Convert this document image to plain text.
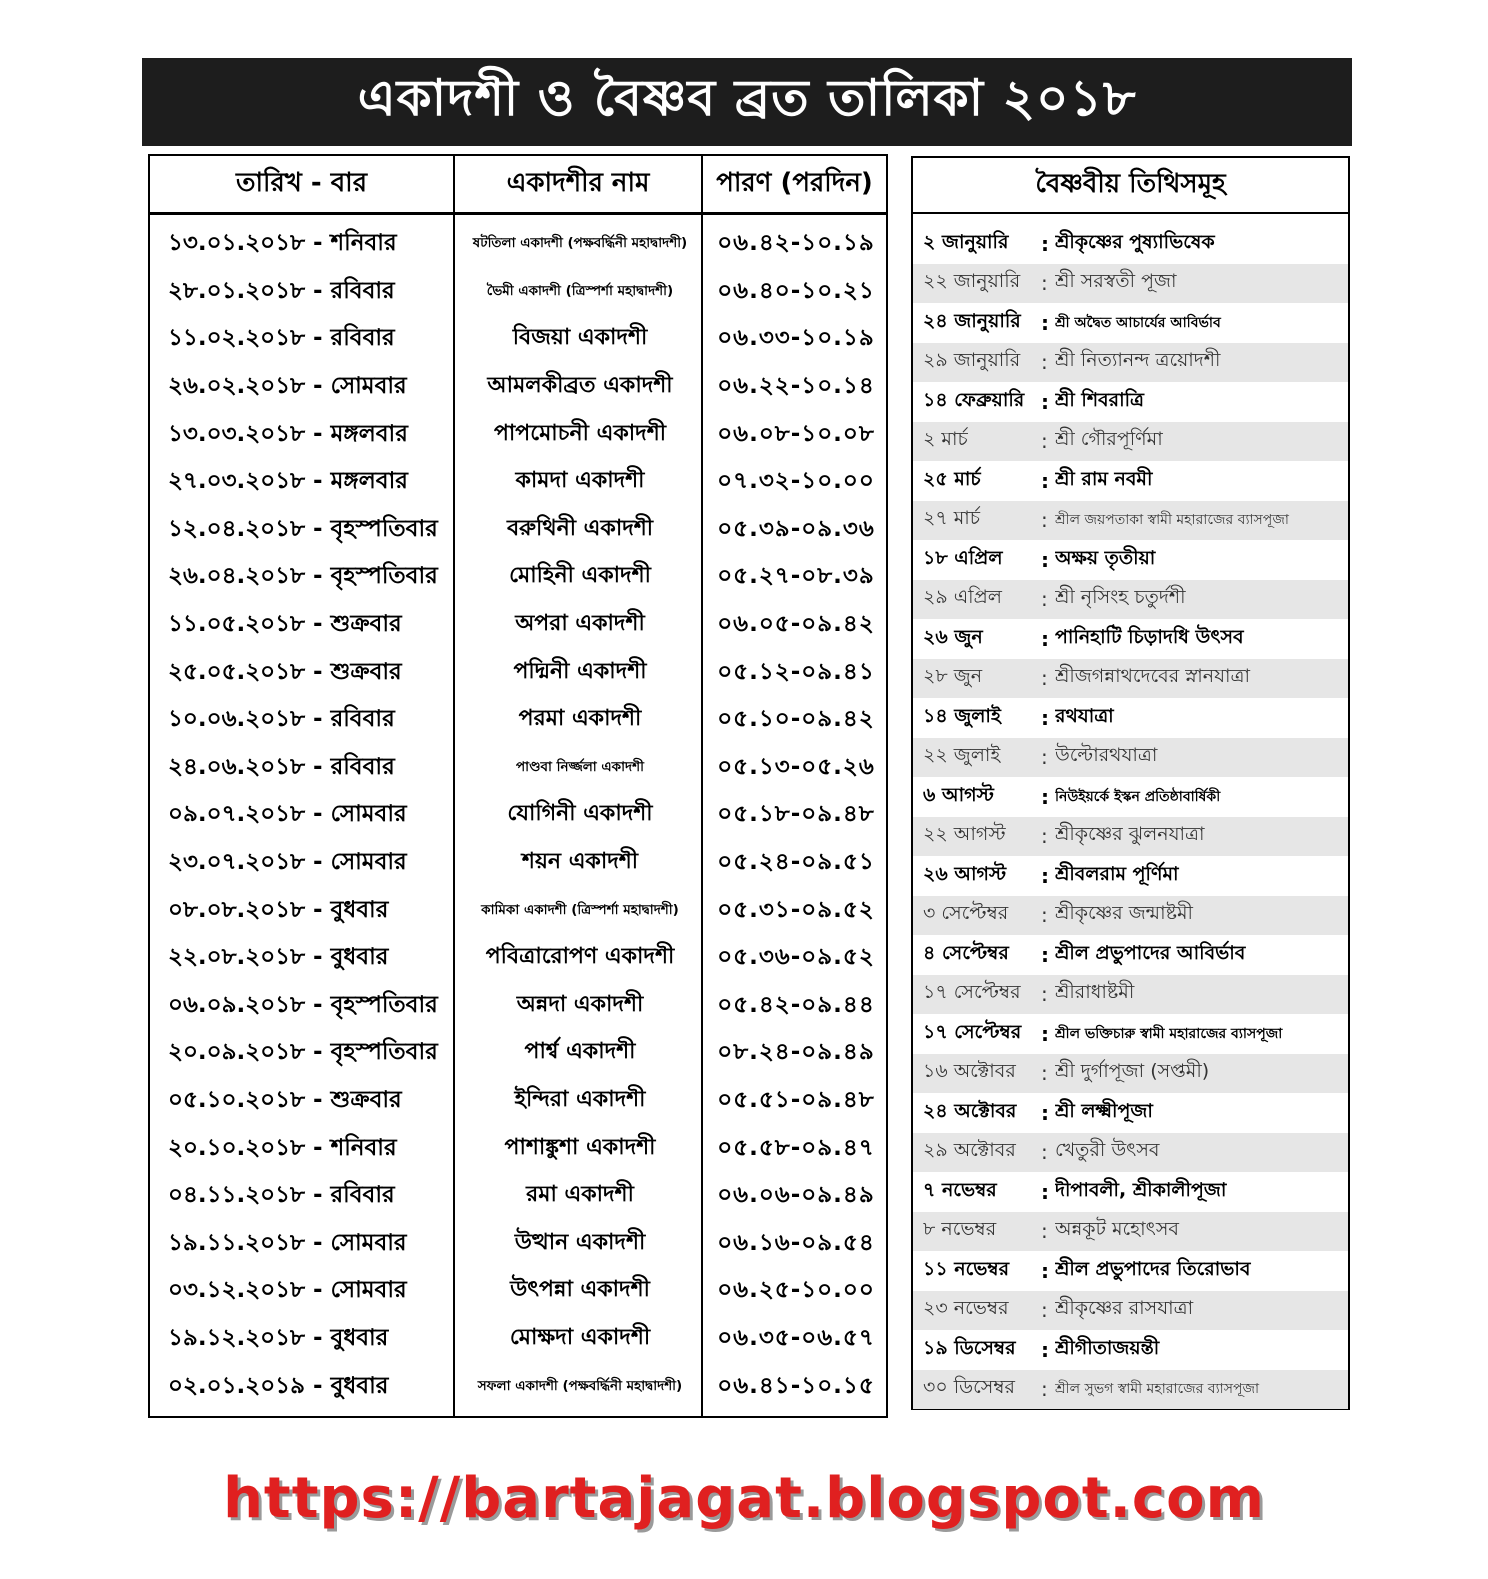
একাদশী ও বৈষ্ণব ব্রত তালিকা ২০১৮
তারিখ - বার	একাদশীর নাম	পারণ (পরদিন)
১৩.০১.২০১৮ - শনিবার	ষটতিলা একাদশী (পক্ষবর্দ্ধিনী মহাদ্বাদশী)	০৬.৪২-১০.১৯
২৮.০১.২০১৮ - রবিবার	ভৈমী একাদশী (ত্রিস্পর্শা মহাদ্বাদশী)	০৬.৪০-১০.২১
১১.০২.২০১৮ - রবিবার	বিজয়া একাদশী	০৬.৩৩-১০.১৯
২৬.০২.২০১৮ - সোমবার	আমলকীব্রত একাদশী	০৬.২২-১০.১৪
১৩.০৩.২০১৮ - মঙ্গলবার	পাপমোচনী একাদশী	০৬.০৮-১০.০৮
২৭.০৩.২০১৮ - মঙ্গলবার	কামদা একাদশী	০৭.৩২-১০.০০
১২.০৪.২০১৮ - বৃহস্পতিবার	বরুথিনী একাদশী	০৫.৩৯-০৯.৩৬
২৬.০৪.২০১৮ - বৃহস্পতিবার	মোহিনী একাদশী	০৫.২৭-০৮.৩৯
১১.০৫.২০১৮ - শুক্রবার	অপরা একাদশী	০৬.০৫-০৯.৪২
২৫.০৫.২০১৮ - শুক্রবার	পদ্মিনী একাদশী	০৫.১২-০৯.৪১
১০.০৬.২০১৮ - রবিবার	পরমা একাদশী	০৫.১০-০৯.৪২
২৪.০৬.২০১৮ - রবিবার	পাণ্ডবা নির্জ্জলা একাদশী	০৫.১৩-০৫.২৬
০৯.০৭.২০১৮ - সোমবার	যোগিনী একাদশী	০৫.১৮-০৯.৪৮
২৩.০৭.২০১৮ - সোমবার	শয়ন একাদশী	০৫.২৪-০৯.৫১
০৮.০৮.২০১৮ - বুধবার	কামিকা একাদশী (ত্রিস্পর্শা মহাদ্বাদশী)	০৫.৩১-০৯.৫২
২২.০৮.২০১৮ - বুধবার	পবিত্রারোপণ একাদশী	০৫.৩৬-০৯.৫২
০৬.০৯.২০১৮ - বৃহস্পতিবার	অন্নদা একাদশী	০৫.৪২-০৯.৪৪
২০.০৯.২০১৮ - বৃহস্পতিবার	পার্শ্ব একাদশী	০৮.২৪-০৯.৪৯
০৫.১০.২০১৮ - শুক্রবার	ইন্দিরা একাদশী	০৫.৫১-০৯.৪৮
২০.১০.২০১৮ - শনিবার	পাশাঙ্কুশা একাদশী	০৫.৫৮-০৯.৪৭
০৪.১১.২০১৮ - রবিবার	রমা একাদশী	০৬.০৬-০৯.৪৯
১৯.১১.২০১৮ - সোমবার	উত্থান একাদশী	০৬.১৬-০৯.৫৪
০৩.১২.২০১৮ - সোমবার	উৎপন্না একাদশী	০৬.২৫-১০.০০
১৯.১২.২০১৮ - বুধবার	মোক্ষদা একাদশী	০৬.৩৫-০৬.৫৭
০২.০১.২০১৯ - বুধবার	সফলা একাদশী (পক্ষবর্দ্ধিনী মহাদ্বাদশী)	০৬.৪১-১০.১৫
বৈষ্ণবীয় তিথিসমূহ
২ জানুয়ারি	: শ্রীকৃষ্ণের পুষ্যাভিষেক
২২ জানুয়ারি	: শ্রী সরস্বতী পূজা
২৪ জানুয়ারি	: শ্রী অদ্বৈত আচার্যের আবির্ভাব
২৯ জানুয়ারি	: শ্রী নিত্যানন্দ ত্রয়োদশী
১৪ ফেব্রুয়ারি : শ্রী শিবরাত্রি
২ মার্চ	: শ্রী গৌরপূর্ণিমা
২৫ মার্চ	: শ্রী রাম নবমী
২৭ মার্চ	: শ্রীল জয়পতাকা স্বামী মহারাজের ব্যাসপূজা
১৮ এপ্রিল	: অক্ষয় তৃতীয়া
২৯ এপ্রিল	: শ্রী নৃসিংহ চতুর্দশী
২৬ জুন	: পানিহাটি চিড়াদধি উৎসব
২৮ জুন	: শ্রীজগন্নাথদেবের স্নানযাত্রা
১৪ জুলাই	: রথযাত্রা
২২ জুলাই	: উল্টোরথযাত্রা
৬ আগস্ট	: নিউইয়র্কে ইস্কন প্রতিষ্ঠাবার্ষিকী
২২ আগস্ট	: শ্রীকৃষ্ণের ঝুলনযাত্রা
২৬ আগস্ট	: শ্রীবলরাম পূর্ণিমা
৩ সেপ্টেম্বর	: শ্রীকৃষ্ণের জন্মাষ্টমী
৪ সেপ্টেম্বর	: শ্রীল প্রভুপাদের আবির্ভাব
১৭ সেপ্টেম্বর	: শ্রীরাধাষ্টমী
১৭ সেপ্টেম্বর : শ্রীল ভক্তিচারু স্বামী মহারাজের ব্যাসপূজা
১৬ অক্টোবর	: শ্রী দুর্গাপূজা (সপ্তমী)
২৪ অক্টোবর	: শ্রী লক্ষ্মীপূজা
২৯ অক্টোবর	: খেতুরী উৎসব
৭ নভেম্বর	: দীপাবলী, শ্রীকালীপূজা
৮ নভেম্বর	: অন্নকূট মহোৎসব
১১ নভেম্বর	: শ্রীল প্রভুপাদের তিরোভাব
২৩ নভেম্বর	: শ্রীকৃষ্ণের রাসযাত্রা
১৯ ডিসেম্বর	: শ্রীগীতাজয়ন্তী
৩০ ডিসেম্বর	: শ্রীল সুভগ স্বামী মহারাজের ব্যাসপূজা
https://bartajagat.blogspot.com
